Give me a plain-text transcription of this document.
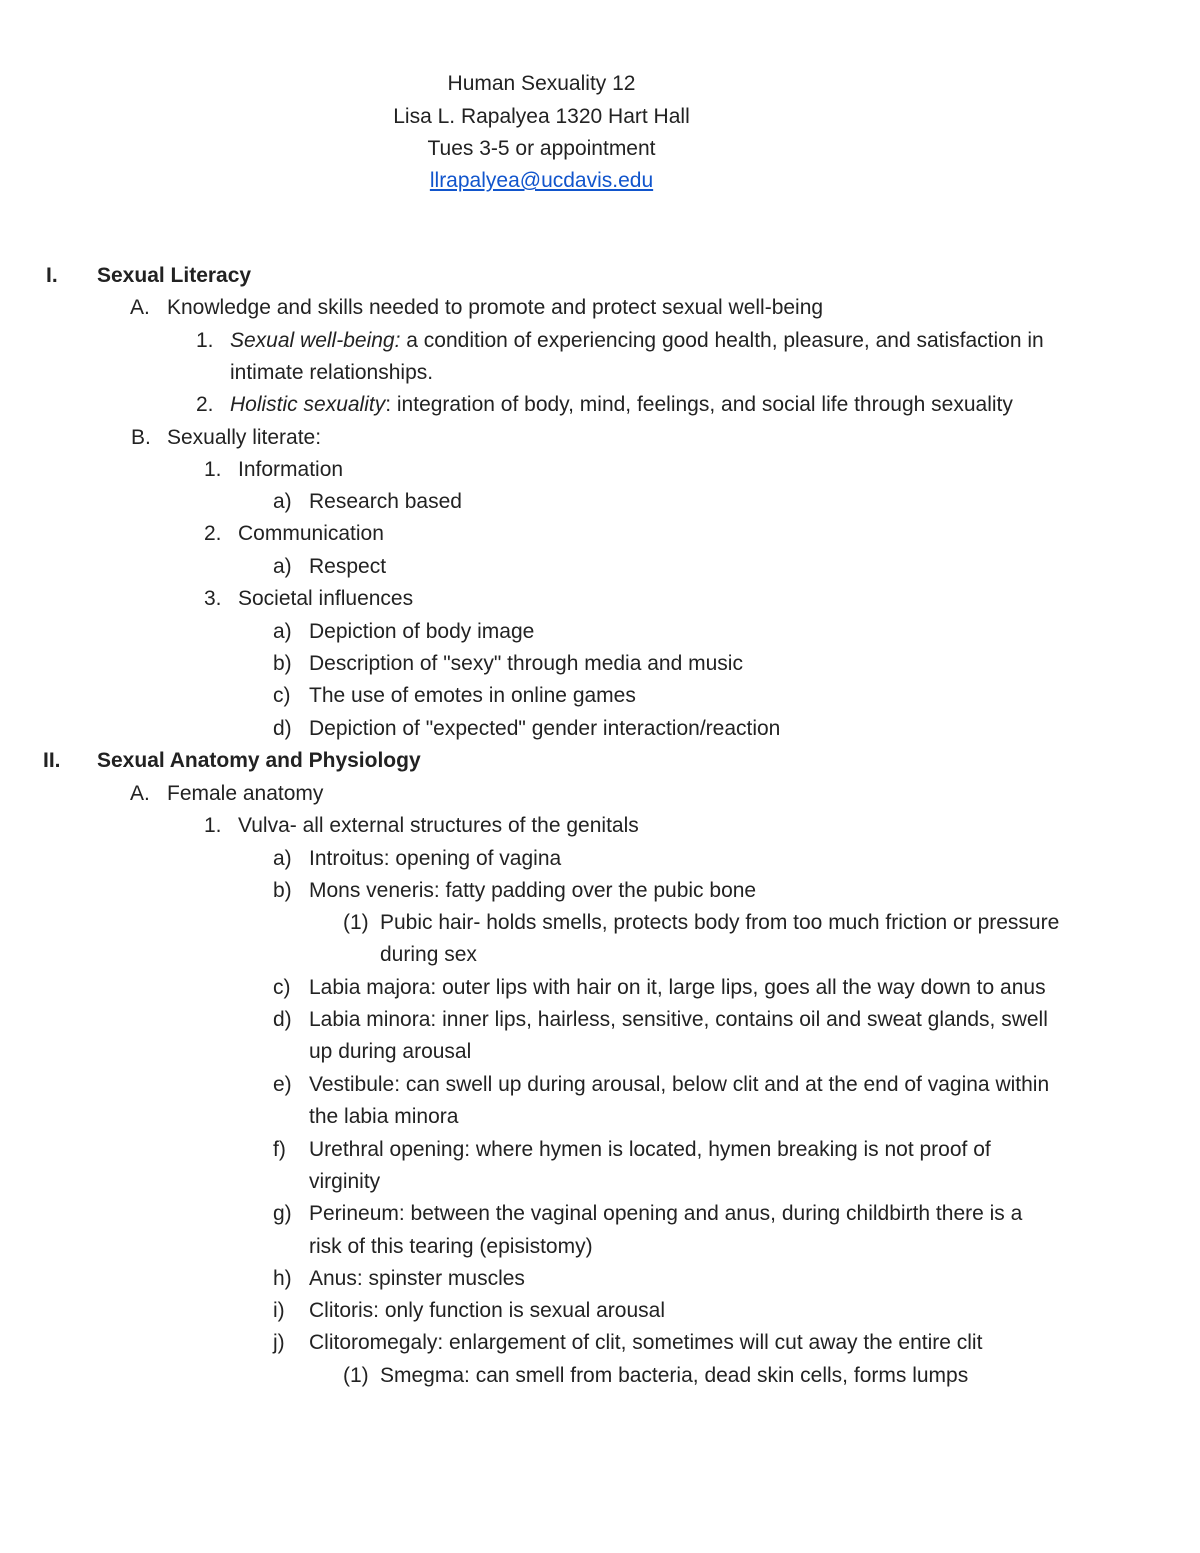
Human Sexuality 12
Lisa L. Rapalyea 1320 Hart Hall
Tues 3-5 or appointment
llrapalyea@ucdavis.edu
I. Sexual Literacy
A. Knowledge and skills needed to promote and protect sexual well-being
1. Sexual well-being: a condition of experiencing good health, pleasure, and satisfaction in
intimate relationships.
2. Holistic sexuality: integration of body, mind, feelings, and social life through sexuality
B. Sexually literate:
1. Information
a) Research based
2. Communication
a) Respect
3. Societal influences
a) Depiction of body image
b) Description of "sexy" through media and music
c) The use of emotes in online games
d) Depiction of "expected" gender interaction/reaction
II. Sexual Anatomy and Physiology
A. Female anatomy
1. Vulva- all external structures of the genitals
a) Introitus: opening of vagina
b) Mons veneris: fatty padding over the pubic bone
(1) Pubic hair- holds smells, protects body from too much friction or pressure
during sex
c) Labia majora: outer lips with hair on it, large lips, goes all the way down to anus
d) Labia minora: inner lips, hairless, sensitive, contains oil and sweat glands, swell
up during arousal
e) Vestibule: can swell up during arousal, below clit and at the end of vagina within
the labia minora
f) Urethral opening: where hymen is located, hymen breaking is not proof of
virginity
g) Perineum: between the vaginal opening and anus, during childbirth there is a
risk of this tearing (episistomy)
h) Anus: spinster muscles
i) Clitoris: only function is sexual arousal
j) Clitoromegaly: enlargement of clit, sometimes will cut away the entire clit
(1) Smegma: can smell from bacteria, dead skin cells, forms lumps
